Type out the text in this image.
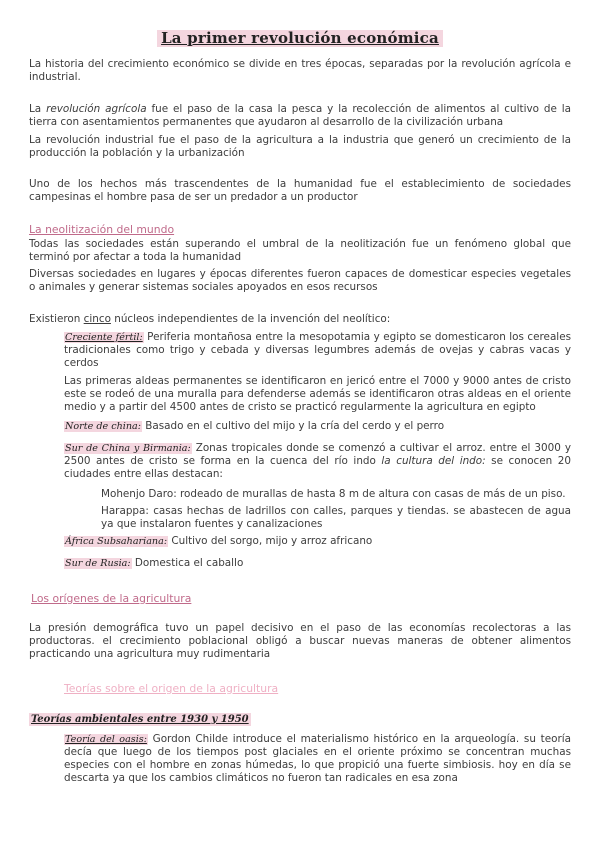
La primer revolución económica
La historia del crecimiento económico se divide en tres épocas, separadas por la revolución agrícola e industrial.
La revolución agrícola fue el paso de la casa la pesca y la recolección de alimentos al cultivo de la tierra con asentamientos permanentes que ayudaron al desarrollo de la civilización urbana
La revolución industrial fue el paso de la agricultura a la industria que generó un crecimiento de la producción la población y la urbanización
Uno de los hechos más trascendentes de la humanidad fue el establecimiento de sociedades campesinas el hombre pasa de ser un predador a un productor
La neolitización del mundo
Todas las sociedades están superando el umbral de la neolitización fue un fenómeno global que terminó por afectar a toda la humanidad
Diversas sociedades en lugares y épocas diferentes fueron capaces de domesticar especies vegetales o animales y generar sistemas sociales apoyados en esos recursos
Existieron cinco núcleos independientes de la invención del neolítico:
Creciente fértil: Periferia montañosa entre la mesopotamia y egipto se domesticaron los cereales tradicionales como trigo y cebada y diversas legumbres además de ovejas y cabras vacas y cerdos
Las primeras aldeas permanentes se identificaron en jericó entre el 7000 y 9000 antes de cristo este se rodeó de una muralla para defenderse además se identificaron otras aldeas en el oriente medio y a partir del 4500 antes de cristo se practicó regularmente la agricultura en egipto
Norte de china: Basado en el cultivo del mijo y la cría del cerdo y el perro
Sur de China y Birmania: Zonas tropicales donde se comenzó a cultivar el arroz. entre el 3000 y 2500 antes de cristo se forma en la cuenca del río indo la cultura del indo: se conocen 20 ciudades entre ellas destacan:
Mohenjo Daro: rodeado de murallas de hasta 8 m de altura con casas de más de un piso.
Harappa: casas hechas de ladrillos con calles, parques y tiendas. se abastecen de agua ya que instalaron fuentes y canalizaciones
África Subsahariana: Cultivo del sorgo, mijo y arroz africano
Sur de Rusia: Domestica el caballo
Los orígenes de la agricultura
La presión demográfica tuvo un papel decisivo en el paso de las economías recolectoras a las productoras. el crecimiento poblacional obligó a buscar nuevas maneras de obtener alimentos practicando una agricultura muy rudimentaria
Teorías sobre el origen de la agricultura
Teorías ambientales entre 1930 y 1950
Teoría del oasis: Gordon Childe introduce el materialismo histórico en la arqueología. su teoría decía que luego de los tiempos post glaciales en el oriente próximo se concentran muchas especies con el hombre en zonas húmedas, lo que propició una fuerte simbiosis. hoy en día se descarta ya que los cambios climáticos no fueron tan radicales en esa zona
